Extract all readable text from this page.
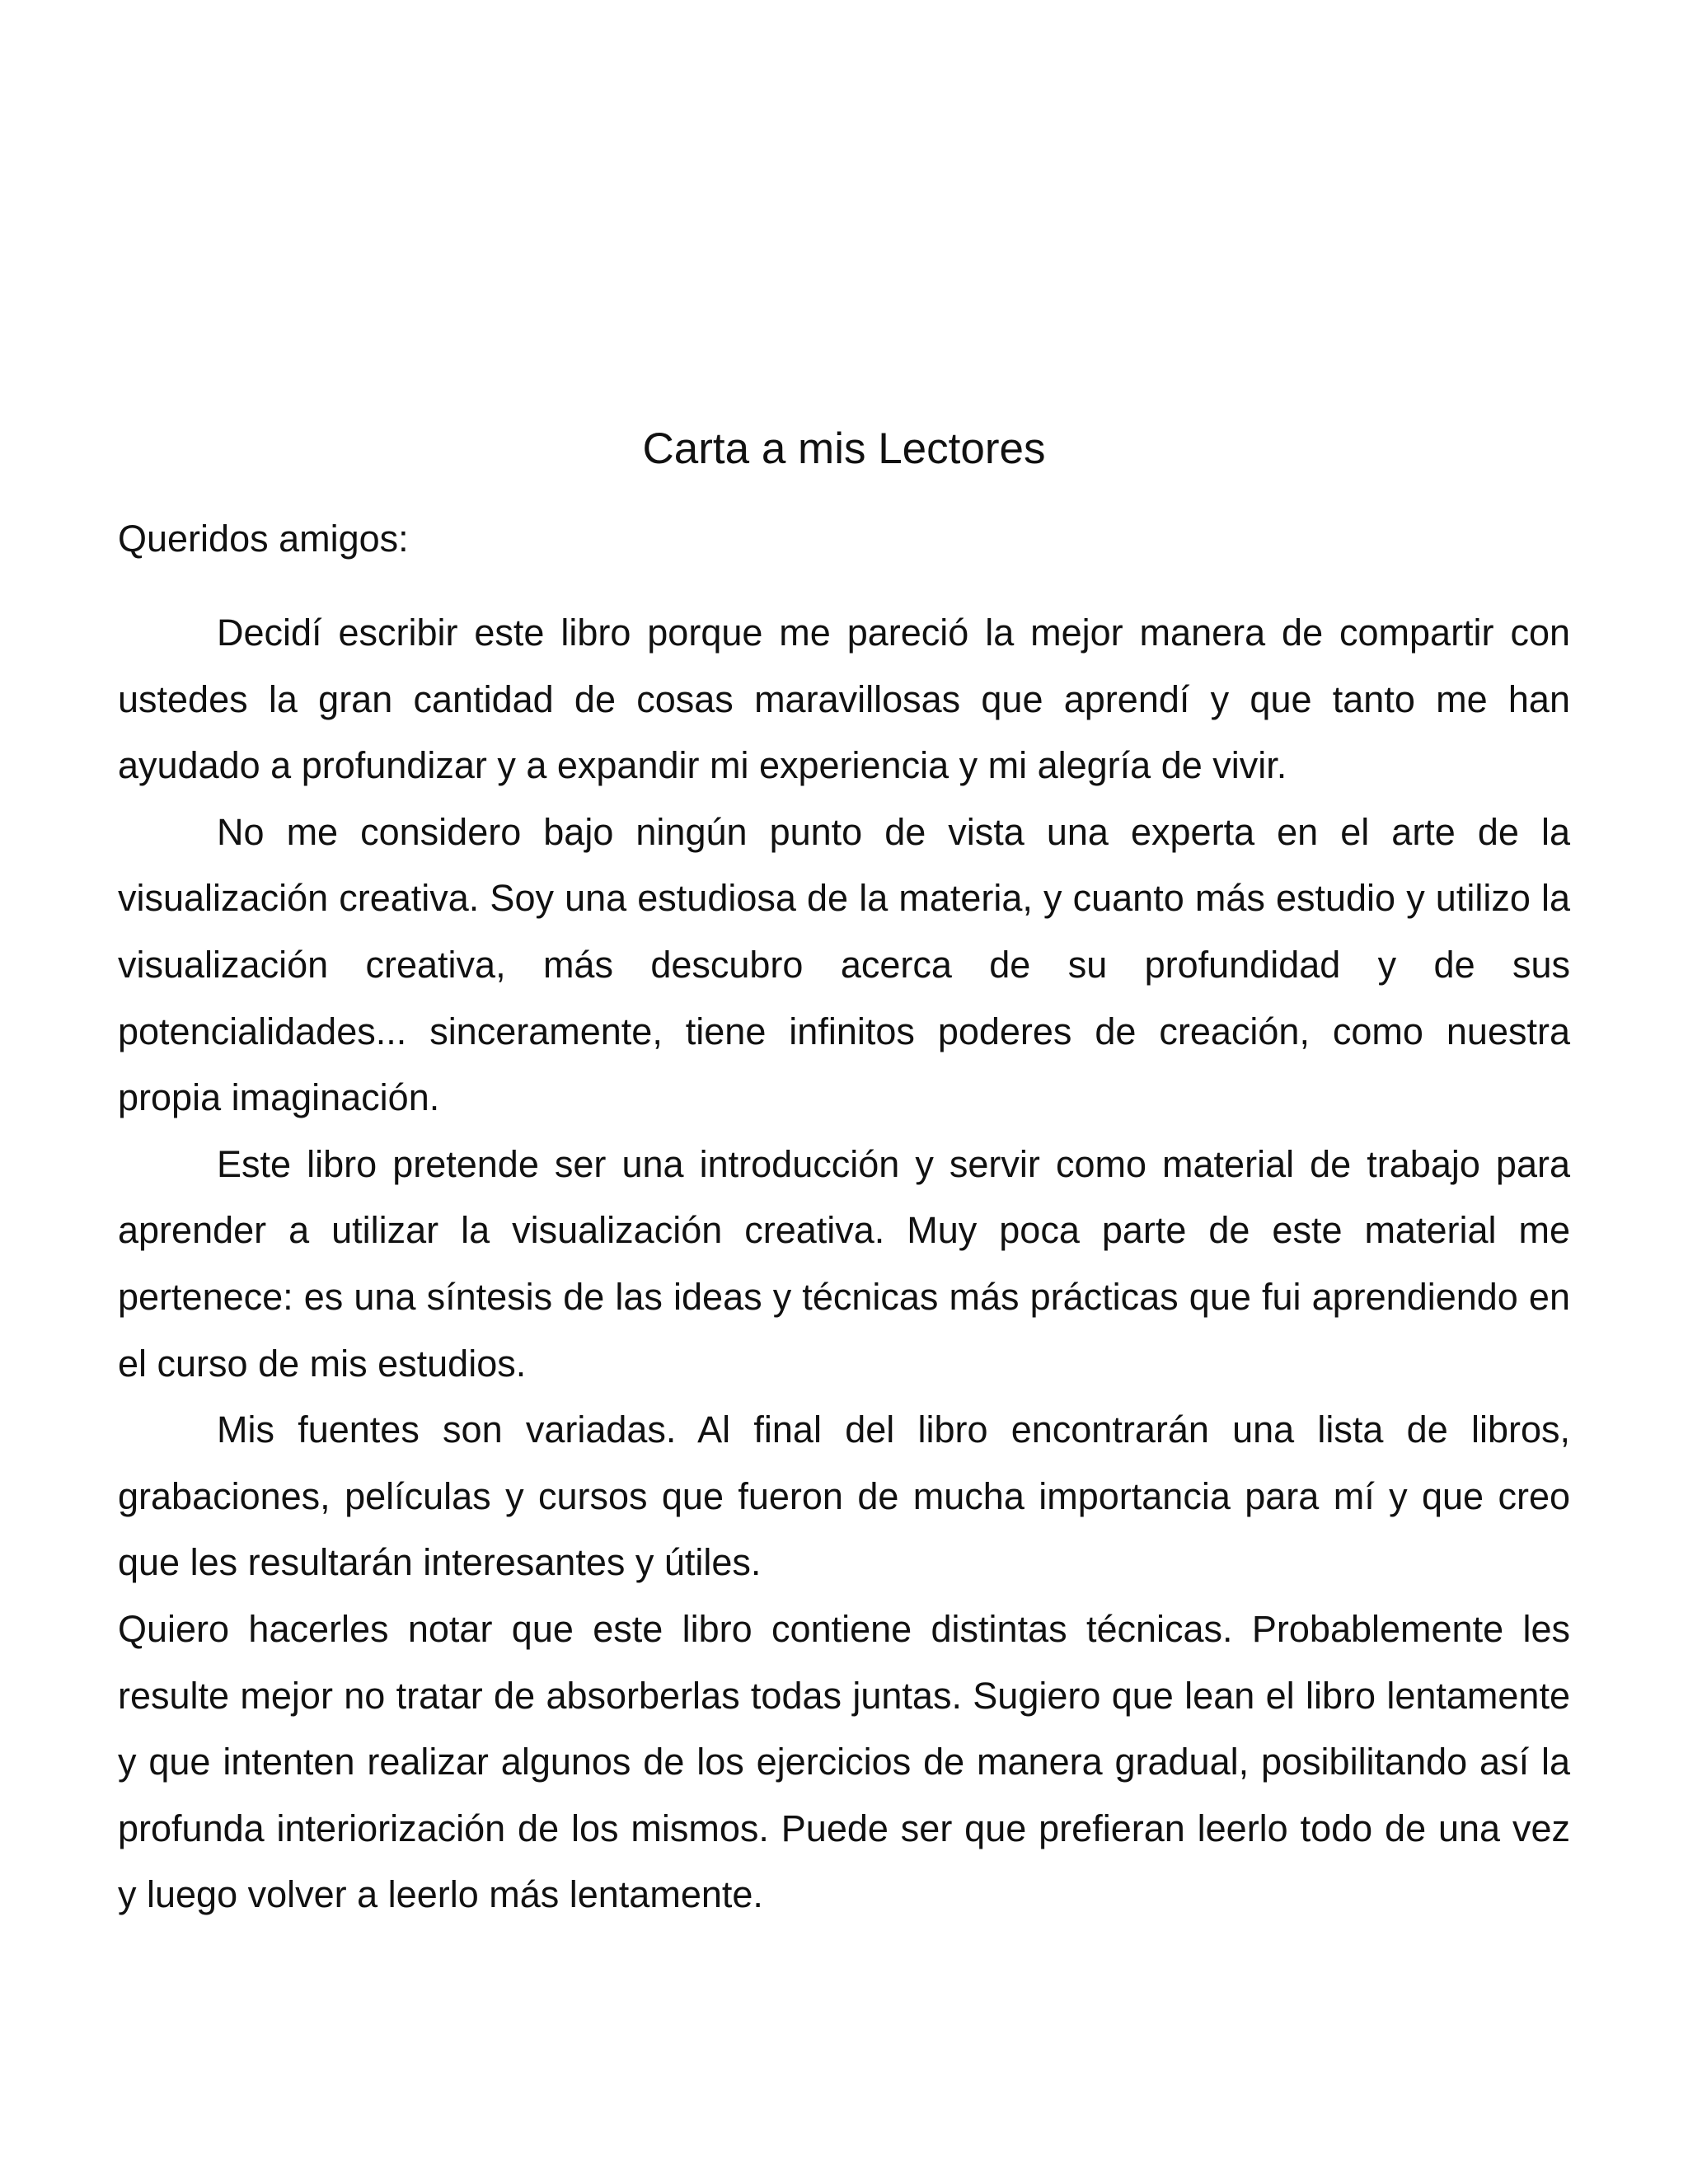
Carta a mis Lectores

Queridos amigos:

Decidí escribir este libro porque me pareció la mejor manera de compartir con ustedes la gran cantidad de cosas maravillosas que aprendí y que tanto me han ayudado a profundizar y a expandir mi experiencia y mi alegría de vivir.

No me considero bajo ningún punto de vista una experta en el arte de la visualización creativa. Soy una estudiosa de la materia, y cuanto más estudio y utilizo la visualización creativa, más descubro acerca de su profundidad y de sus potencialidades... sinceramente, tiene infinitos poderes de creación, como nuestra propia imaginación.

Este libro pretende ser una introducción y servir como material de trabajo para aprender a utilizar la visualización creativa. Muy poca parte de este material me pertenece: es una síntesis de las ideas y técnicas más prácticas que fui aprendiendo en el curso de mis estudios.

Mis fuentes son variadas. Al final del libro encontrarán una lista de libros, grabaciones, películas y cursos que fueron de mucha importancia para mí y que creo que les resultarán interesantes y útiles.

Quiero hacerles notar que este libro contiene distintas técnicas. Probablemente les resulte mejor no tratar de absorberlas todas juntas. Sugiero que lean el libro lentamente y que intenten realizar algunos de los ejercicios de manera gradual, posibilitando así la profunda interiorización de los mismos. Puede ser que prefieran leerlo todo de una vez y luego volver a leerlo más lentamente.
